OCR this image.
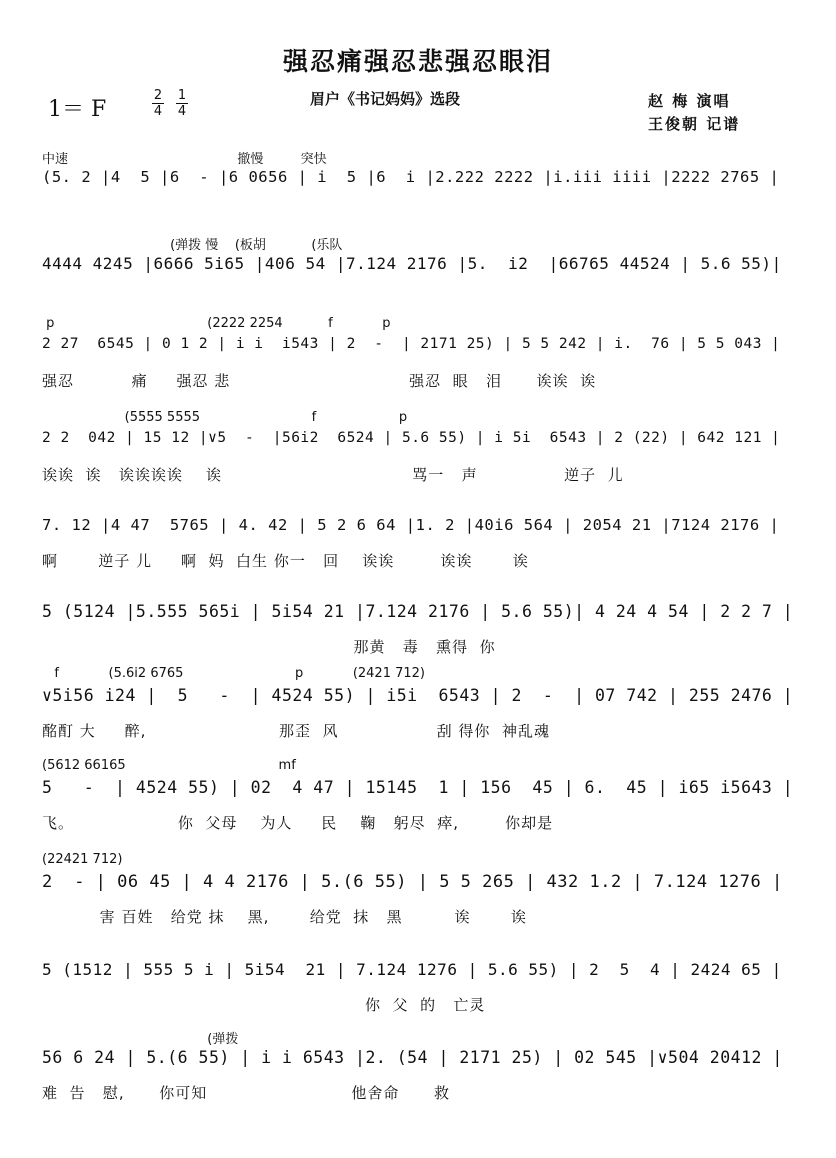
强忍痛强忍悲强忍眼泪
1＝ F	$\frac{2}{4} \frac{1}{4}$	眉户《书记妈妈》选段	赵 梅 演唱
王俊朝 记谱
中速                                         撤慢         突快
(5. 2 |4  5 |6  - |6 0656 | i  5 |6  i |2.222 2222 |i.iii iiii |2222 2765 |
(弹拨 慢    (板胡           (乐队
4444 4245 |6666 5i65 |406 54 |7.124 2176 |5.  i2  |66765 44524 | 5.6 55)|
p                                     (2222 2254           f            p
2 27  6545 | 0 1 2 | i i  i543 | 2  -  | 2171 25) | 5 5 242 | i.  76 | 5 5 043 |
强忍          痛     强忍 悲                               强忍  眼   泪      诶诶  诶
(5555 5555                           f                    p
2 2  042 | 15 12 |∨5  -  |56i2  6524 | 5.6 55) | i 5i  6543 | 2 (22) | 642 121 |
诶诶  诶   诶诶诶诶    诶                                 骂一   声               逆子  儿
7. 12 |4 47  5765 | 4. 42 | 5 2 6 64 |1. 2 |40i6 564 | 2054 21 |7124 2176 |
啊       逆子 儿     啊  妈  白生 你一   回    诶诶        诶诶       诶
5 (5124 |5.555 565i | 5i54 21 |7.124 2176 | 5.6 55)| 4 24 4 54 | 2 2 7 |
那黄   毒   熏得  你
f            (5.6i2 6765                           p            (2421 712)
∨5i56 i24 |  5   -  | 4524 55) | i5i  6543 | 2  -  | 07 742 | 255 2476 |
酩酊 大     醉,                       那歪  风                 刮 得你  神乱魂
(5612 66165                                     mf
5   -  | 4524 55) | 02  4 47 | 15145  1 | 156  45 | 6.  45 | i65 i5643 |
飞。                  你  父母    为人     民    鞠   躬尽  瘁,        你却是
(22421 712)
2  - | 06 45 | 4 4 2176 | 5.(6 55) | 5 5 265 | 432 1.2 | 7.124 1276 |
害 百姓   给党 抹    黑,       给党  抹   黑         诶       诶
5 (1512 | 555 5 i | 5i54  21 | 7.124 1276 | 5.6 55) | 2  5  4 | 2424 65 |
你  父  的   亡灵
(弹拨
56 6 24 | 5.(6 55) | i i 6543 |2. (54 | 2171 25) | 02 545 |∨504 20412 |
难  告   慰,      你可知                         他舍命      救
